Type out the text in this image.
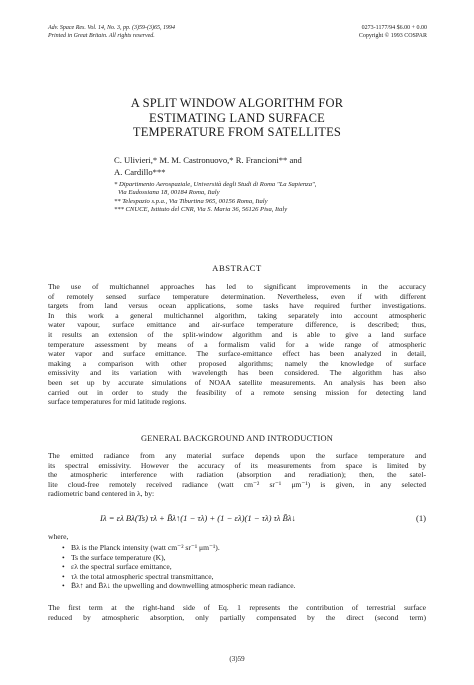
Adv. Space Res. Vol. 14, No. 3, pp. (3)59-(3)65, 1994
Printed in Great Britain. All rights reserved.
0273-1177/94 $6.00 + 0.00
Copyright © 1993 COSPAR
A SPLIT WINDOW ALGORITHM FOR
ESTIMATING LAND SURFACE
TEMPERATURE FROM SATELLITES
C. Ulivieri,* M. M. Castronuovo,* R. Francioni** and
A. Cardillo***
* Dipartimento Aerospaziale, Università degli Studi di Roma "La Sapienza",
Via Eudossiana 18, 00184 Roma, Italy
** Telespazio s.p.a., Via Tiburtina 965, 00156 Roma, Italy
*** CNUCE, Istituto del CNR, Via S. Maria 36, 56126 Pisa, Italy
ABSTRACT
The use of multichannel approaches has led to significant improvements in the accuracy
of remotely sensed surface temperature determination. Nevertheless, even if with different
targets from land versus ocean applications, some tasks have required further investigations.
In this work a general multichannel algorithm, taking separately into account atmospheric
water vapour, surface emittance and air-surface temperature difference, is described; thus,
it results an extension of the split-window algorithm and is able to give a land surface
temperature assessment by means of a formalism valid for a wide range of atmospheric
water vapor and surface emittance. The surface-emittance effect has been analyzed in detail,
making a comparison with other proposed algorithms; namely the knowledge of surface
emissivity and its variation with wavelength has been considered. The algorithm has also
been set up by accurate simulations of NOAA satellite measurements. An analysis has been also
carried out in order to study the feasibility of a remote sensing mission for detecting land
surface temperatures for mid latitude regions.
GENERAL BACKGROUND AND INTRODUCTION
The emitted radiance from any material surface depends upon the surface temperature and
its spectral emissivity. However the accuracy of its measurements from space is limited by
the atmospheric interference with radiation (absorption and reradiation); then, the satel-
lite cloud-free remotely received radiance (watt cm⁻² sr⁻¹ μm⁻¹) is given, in any selected
radiometric band centered in λ, by:
Iλ = ελ Bλ(Ts) τλ + B̄λ↑(1 − τλ) + (1 − ελ)(1 − τλ) τλ B̄λ↓	(1)
where,
• Bλ is the Planck intensity (watt cm⁻² sr⁻¹ μm⁻¹).
• Ts the surface temperature (K),
• ελ the spectral surface emittance,
• τλ the total atmospheric spectral transmittance,
• B̄λ↑ and B̄λ↓ the upwelling and downwelling atmospheric mean radiance.
The first term at the right-hand side of Eq. 1 represents the contribution of terrestrial surface
reduced by atmospheric absorption, only partially compensated by the direct (second term)
(3)59
